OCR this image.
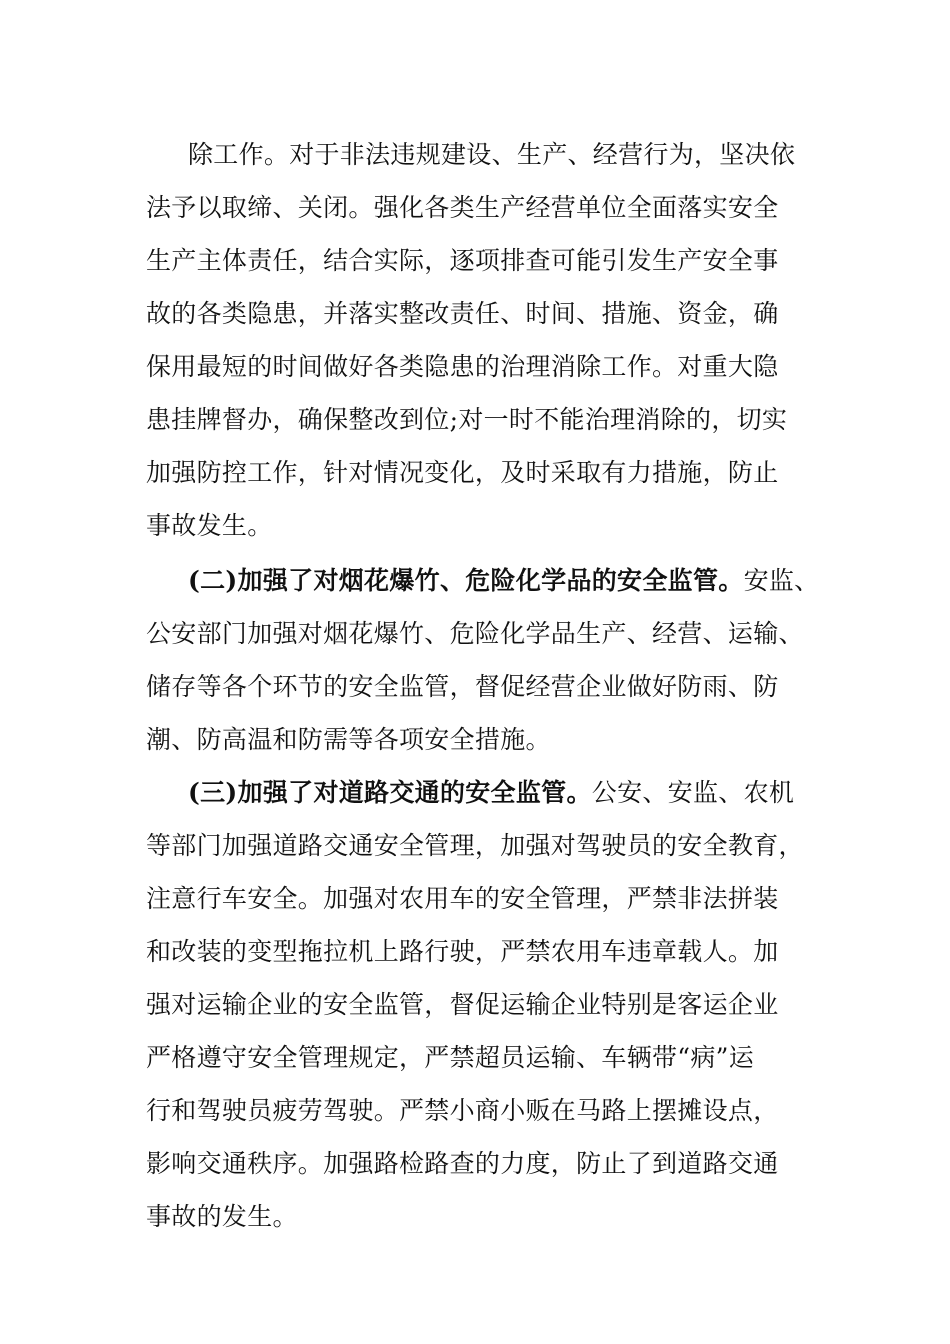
除工作。对于非法违规建设、生产、经营行为，坚决依
法予以取缔、关闭。强化各类生产经营单位全面落实安全
生产主体责任，结合实际，逐项排查可能引发生产安全事
故的各类隐患，并落实整改责任、时间、措施、资金，确
保用最短的时间做好各类隐患的治理消除工作。对重大隐
患挂牌督办，确保整改到位;对一时不能治理消除的，切实
加强防控工作，针对情况变化，及时采取有力措施，防止
事故发生。
(二)加强了对烟花爆竹、危险化学品的安全监管。安监、
公安部门加强对烟花爆竹、危险化学品生产、经营、运输、
储存等各个环节的安全监管，督促经营企业做好防雨、防
潮、防高温和防需等各项安全措施。
(三)加强了对道路交通的安全监管。公安、安监、农机
等部门加强道路交通安全管理，加强对驾驶员的安全教育，
注意行车安全。加强对农用车的安全管理，严禁非法拼装
和改装的变型拖拉机上路行驶，严禁农用车违章载人。加
强对运输企业的安全监管，督促运输企业特别是客运企业
严格遵守安全管理规定，严禁超员运输、车辆带“病”运
行和驾驶员疲劳驾驶。严禁小商小贩在马路上摆摊设点，
影响交通秩序。加强路检路查的力度，防止了到道路交通
事故的发生。
